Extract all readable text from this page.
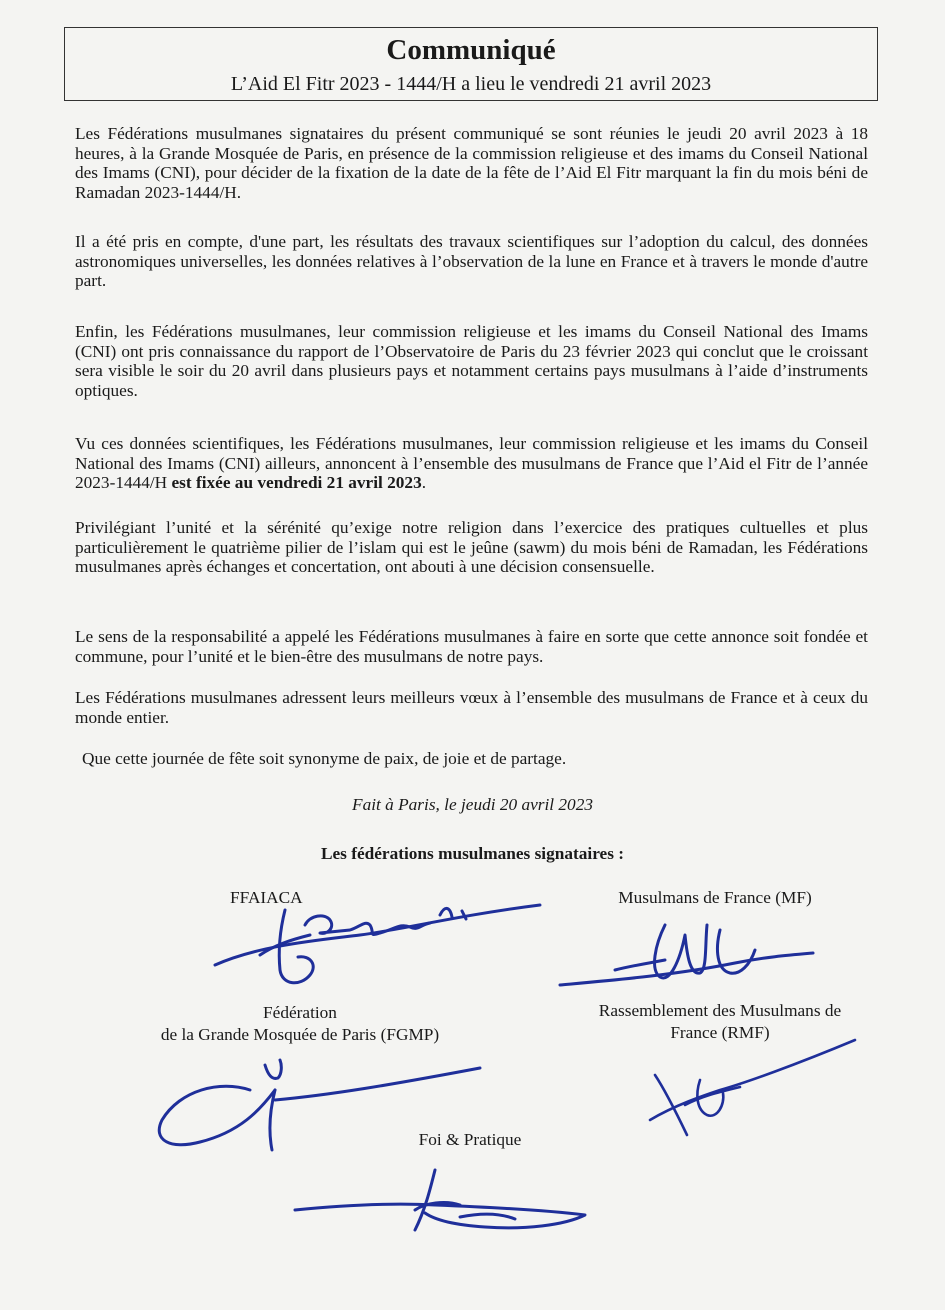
Communiqué
L’Aid El Fitr 2023 - 1444/H a lieu le vendredi 21 avril 2023

Les Fédérations musulmanes signataires du présent communiqué se sont réunies le jeudi 20 avril 2023 à 18 heures, à la Grande Mosquée de Paris, en présence de la commission religieuse et des imams du Conseil National des Imams (CNI), pour décider de la fixation de la date de la fête de l’Aid El Fitr marquant la fin du mois béni de Ramadan 2023-1444/H.

Il a été pris en compte, d'une part, les résultats des travaux scientifiques sur l’adoption du calcul, des données astronomiques universelles, les données relatives à l’observation de la lune en France et à travers le monde d'autre part.

Enfin, les Fédérations musulmanes, leur commission religieuse et les imams du Conseil National des Imams (CNI) ont pris connaissance du rapport de l’Observatoire de Paris du 23 février 2023 qui conclut que le croissant sera visible le soir du 20 avril dans plusieurs pays et notamment certains pays musulmans à l’aide d’instruments optiques.

Vu ces données scientifiques, les Fédérations musulmanes, leur commission religieuse et les imams du Conseil National des Imams (CNI) ailleurs, annoncent à l’ensemble des musulmans de France que l’Aid el Fitr de l’année 2023-1444/H est fixée au vendredi 21 avril 2023.

Privilégiant l’unité et la sérénité qu’exige notre religion dans l’exercice des pratiques cultuelles et plus particulièrement le quatrième pilier de l’islam qui est le jeûne (sawm) du mois béni de Ramadan, les Fédérations musulmanes après échanges et concertation, ont abouti à une décision consensuelle.

Le sens de la responsabilité a appelé les Fédérations musulmanes à faire en sorte que cette annonce soit fondée et commune, pour l’unité et le bien-être des musulmans de notre pays.

Les Fédérations musulmanes adressent leurs meilleurs vœux à l’ensemble des musulmans de France et à ceux du monde entier.

Que cette journée de fête soit synonyme de paix, de joie et de partage.

Fait à Paris, le jeudi 20 avril 2023
Les fédérations musulmanes signataires :
FFAIACA	Musulmans de France (MF)
Fédération
de la Grande Mosquée de Paris (FGMP)
Rassemblement des Musulmans de
France (RMF)
Foi & Pratique
